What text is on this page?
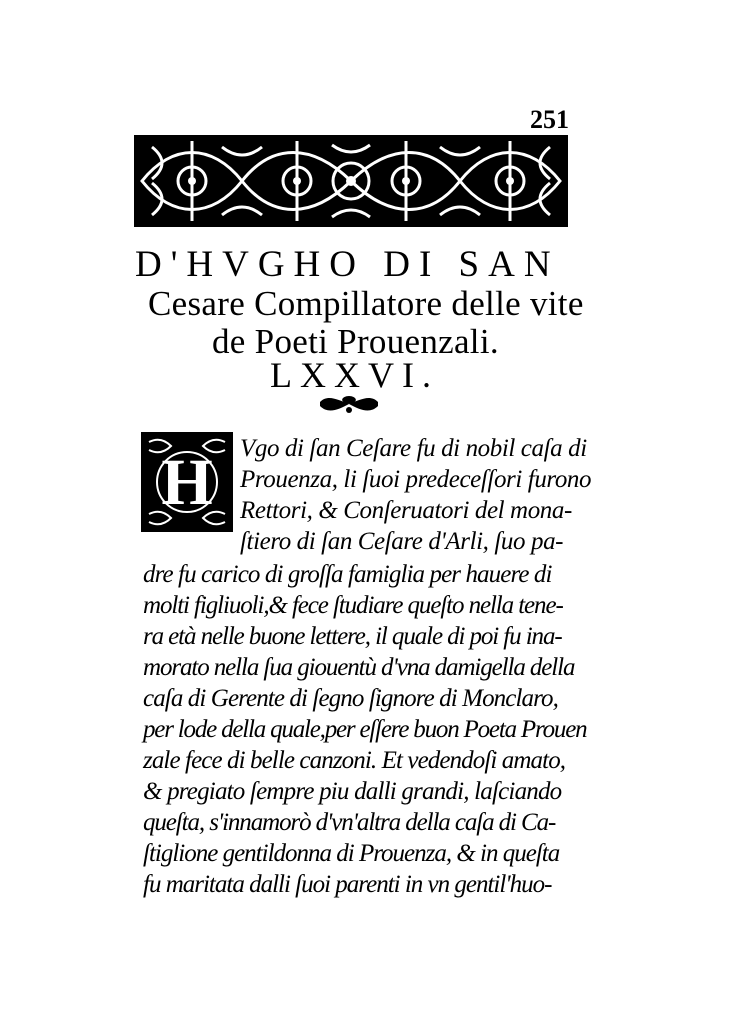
251
D'HVGHO DI SAN
Cesare Compillatore delle vite
de Poeti Prouenzali.
LXXVI.
H Vgo di ſan Ceſare fu di nobil caſa di
Prouenza, li ſuoi predeceſſori furono
Rettori, & Conſeruatori del mona-
ſtiero di ſan Ceſare d'Arli, ſuo pa-
dre fu carico di groſſa famiglia per hauere di
molti figliuoli,& fece ſtudiare queſto nella tene-
ra età nelle buone lettere, il quale di poi fu ina-
morato nella ſua giouentù d'vna damigella della
caſa di Gerente di ſegno ſignore di Monclaro,
per lode della quale,per eſſere buon Poeta Prouen
zale fece di belle canzoni. Et vedendoſi amato,
& pregiato ſempre piu dalli grandi, laſciando
queſta, s'innamorò d'vn'altra della caſa di Ca-
ſtiglione gentildonna di Prouenza, & in queſta
fu maritata dalli ſuoi parenti in vn gentil'huo-
